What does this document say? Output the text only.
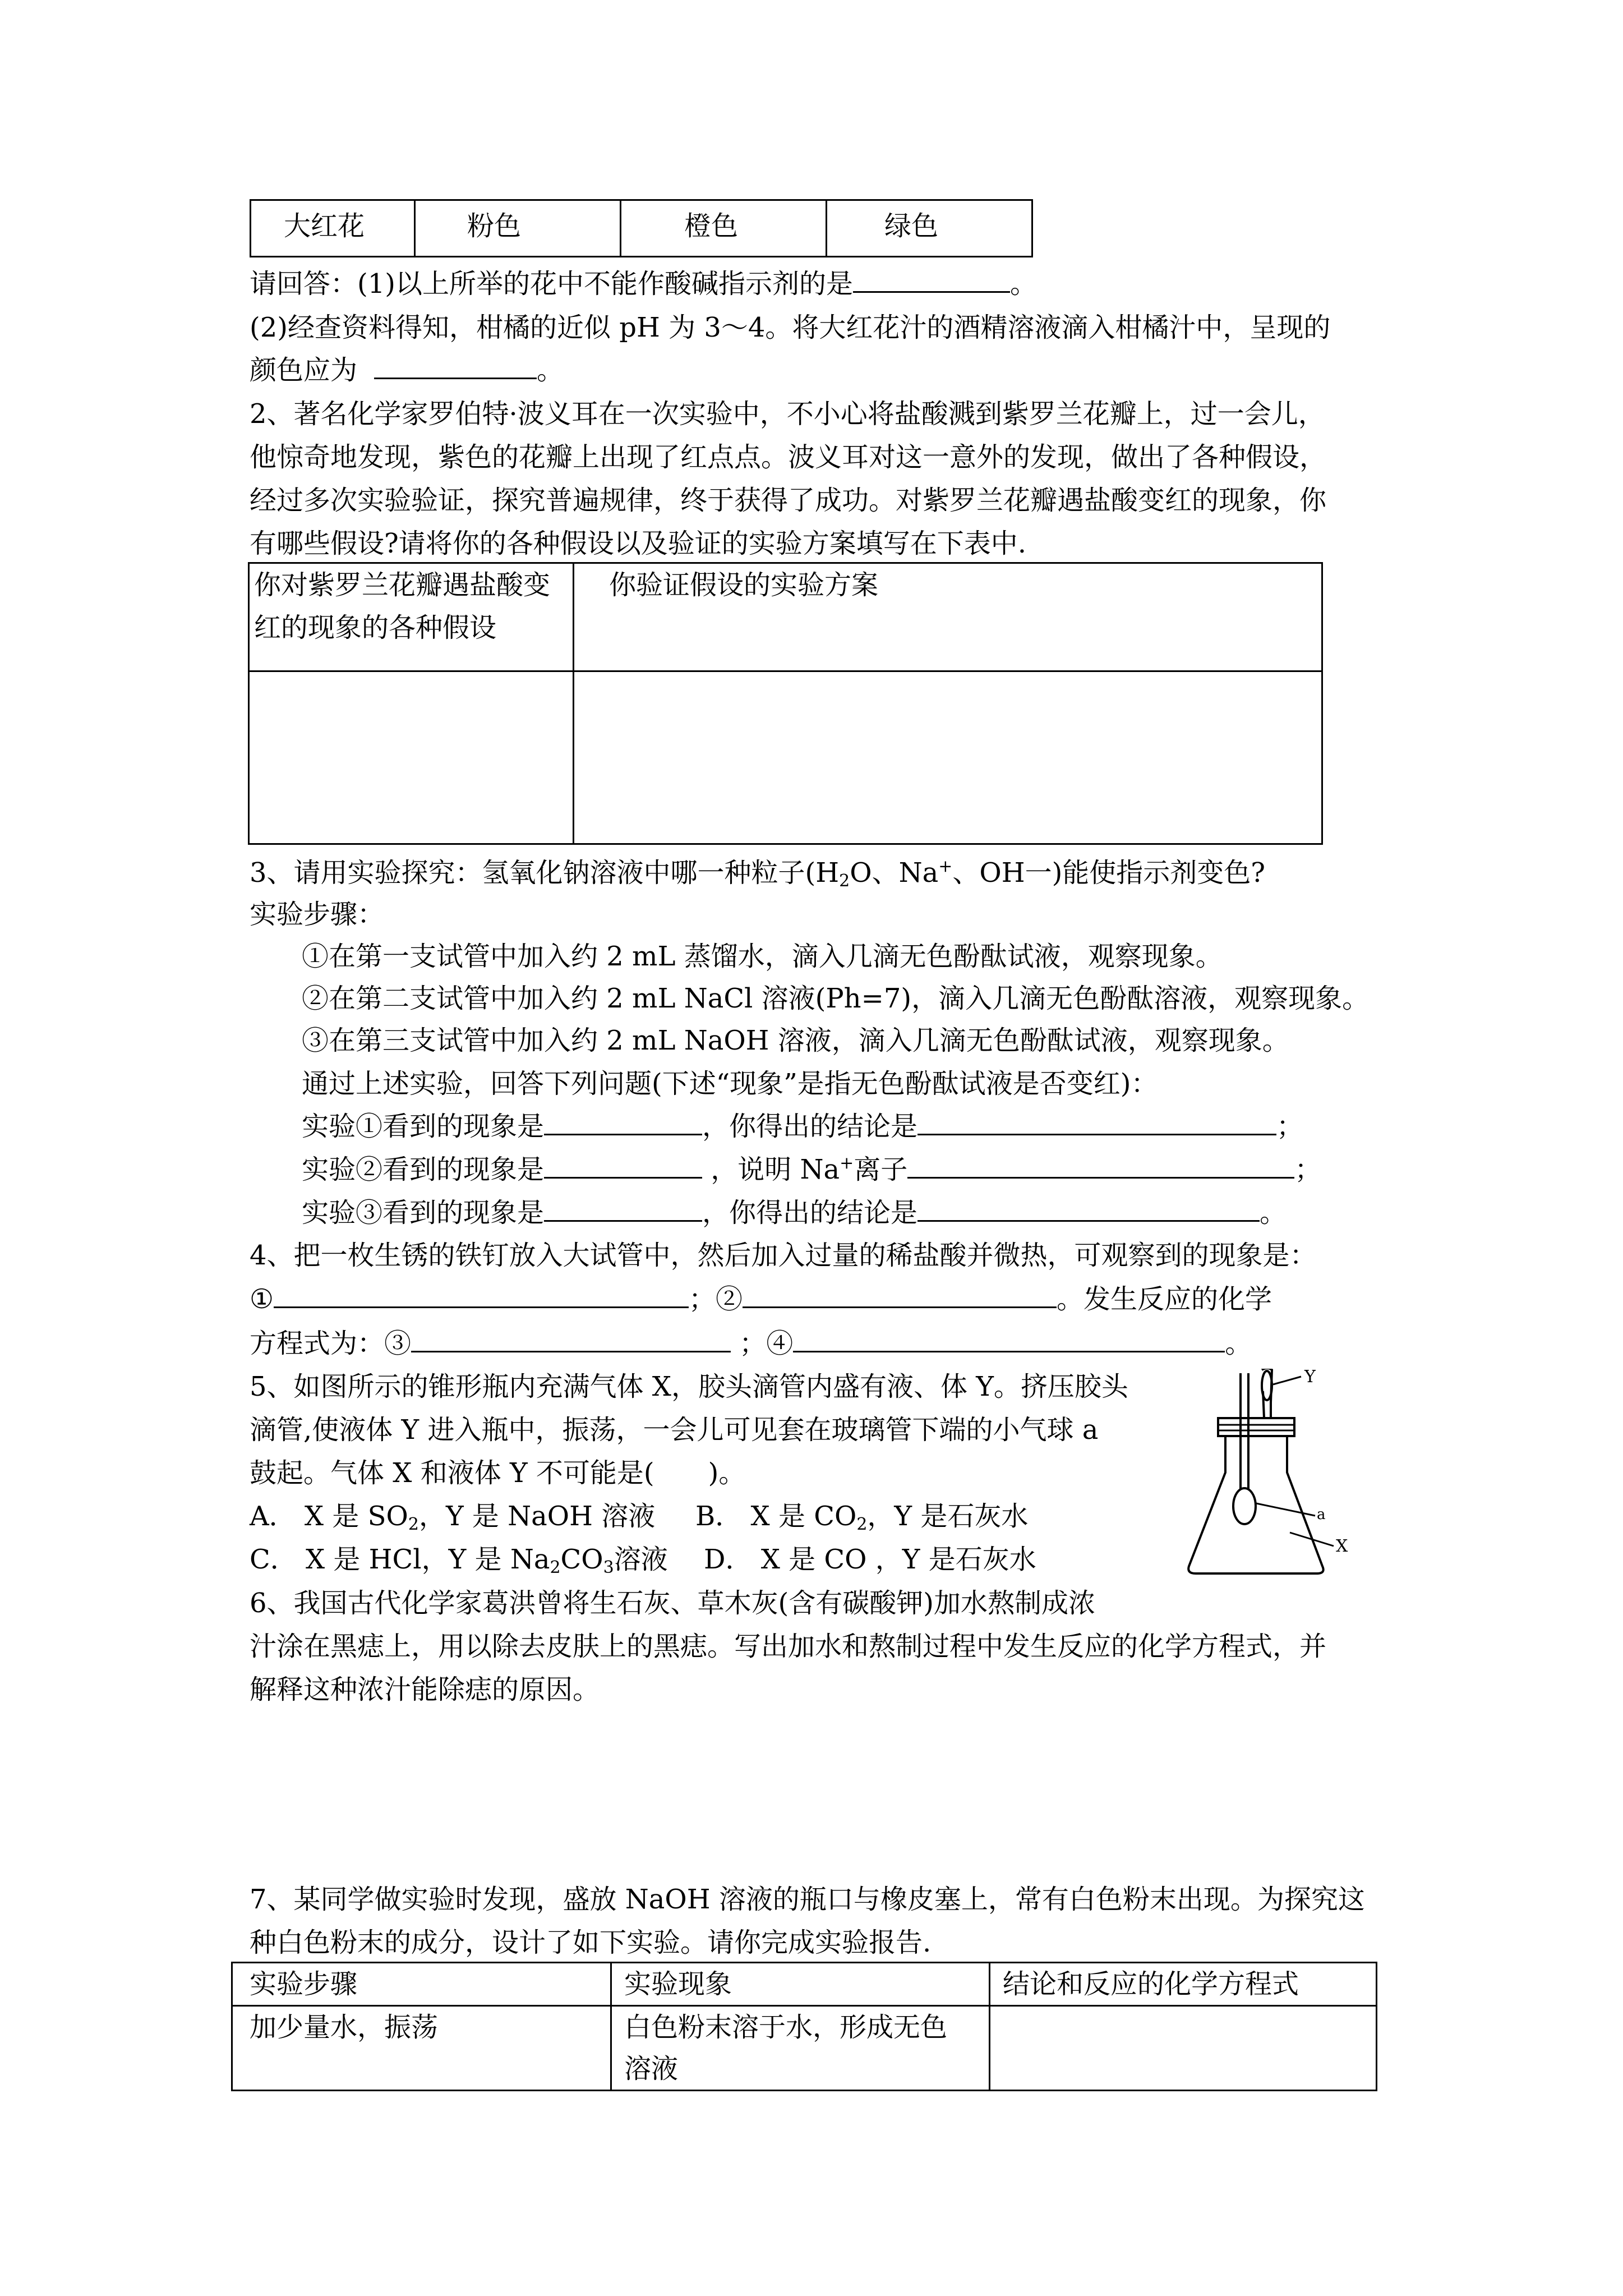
大红花	粉色	橙色	绿色
请回答：(1)以上所举的花中不能作酸碱指示剂的是	。
(2)经查资料得知，柑橘的近似 pH 为 3～4。将大红花汁的酒精溶液滴入柑橘汁中，呈现的
颜色应为	。
2、著名化学家罗伯特·波义耳在一次实验中，不小心将盐酸溅到紫罗兰花瓣上，过一会儿，
他惊奇地发现，紫色的花瓣上出现了红点点。波义耳对这一意外的发现，做出了各种假设，
经过多次实验验证，探究普遍规律，终于获得了成功。对紫罗兰花瓣遇盐酸变红的现象，你
有哪些假设?请将你的各种假设以及验证的实验方案填写在下表中.
你对紫罗兰花瓣遇盐酸变
红的现象的各种假设	你验证假设的实验方案

3、请用实验探究：氢氧化钠溶液中哪一种粒子($H_2O$、Na+、OH一)能使指示剂变色?
实验步骤：
①在第一支试管中加入约 2 mL 蒸馏水，滴入几滴无色酚酞试液，观察现象。
②在第二支试管中加入约 2 mL NaCl 溶液(Ph=7)，滴入几滴无色酚酞溶液，观察现象。
③在第三支试管中加入约 2 mL NaOH 溶液，滴入几滴无色酚酞试液，观察现象。
通过上述实验，回答下列问题(下述“现象”是指无色酚酞试液是否变红)：
实验①看到的现象是	，你得出的结论是	；
实验②看到的现象是	，说明 Na+离子	；
实验③看到的现象是	，你得出的结论是	。
4、把一枚生锈的铁钉放入大试管中，然后加入过量的稀盐酸并微热，可观察到的现象是：
①	；②	。发生反应的化学
方程式为：③	；④	。
5、如图所示的锥形瓶内充满气体 X，胶头滴管内盛有液、体 Y。挤压胶头
滴管,使液体 Y 进入瓶中，振荡，一会儿可见套在玻璃管下端的小气球 a
鼓起。气体 X 和液体 Y 不可能是(　　)。
A． X 是 $SO_2$，Y 是 NaOH 溶液 B． X 是 $CO_2$，Y 是石灰水
C． X 是 HCl，Y 是 $Na_2CO_3$溶液 D． X 是 CO ，Y 是石灰水
Y
a
X
6、我国古代化学家葛洪曾将生石灰、草木灰(含有碳酸钾)加水熬制成浓
汁涂在黑痣上，用以除去皮肤上的黑痣。写出加水和熬制过程中发生反应的化学方程式，并
解释这种浓汁能除痣的原因。
7、某同学做实验时发现，盛放 NaOH 溶液的瓶口与橡皮塞上，常有白色粉末出现。为探究这
种白色粉末的成分，设计了如下实验。请你完成实验报告.
实验步骤	实验现象	结论和反应的化学方程式
加少量水，振荡	白色粉末溶于水，形成无色
溶液	
